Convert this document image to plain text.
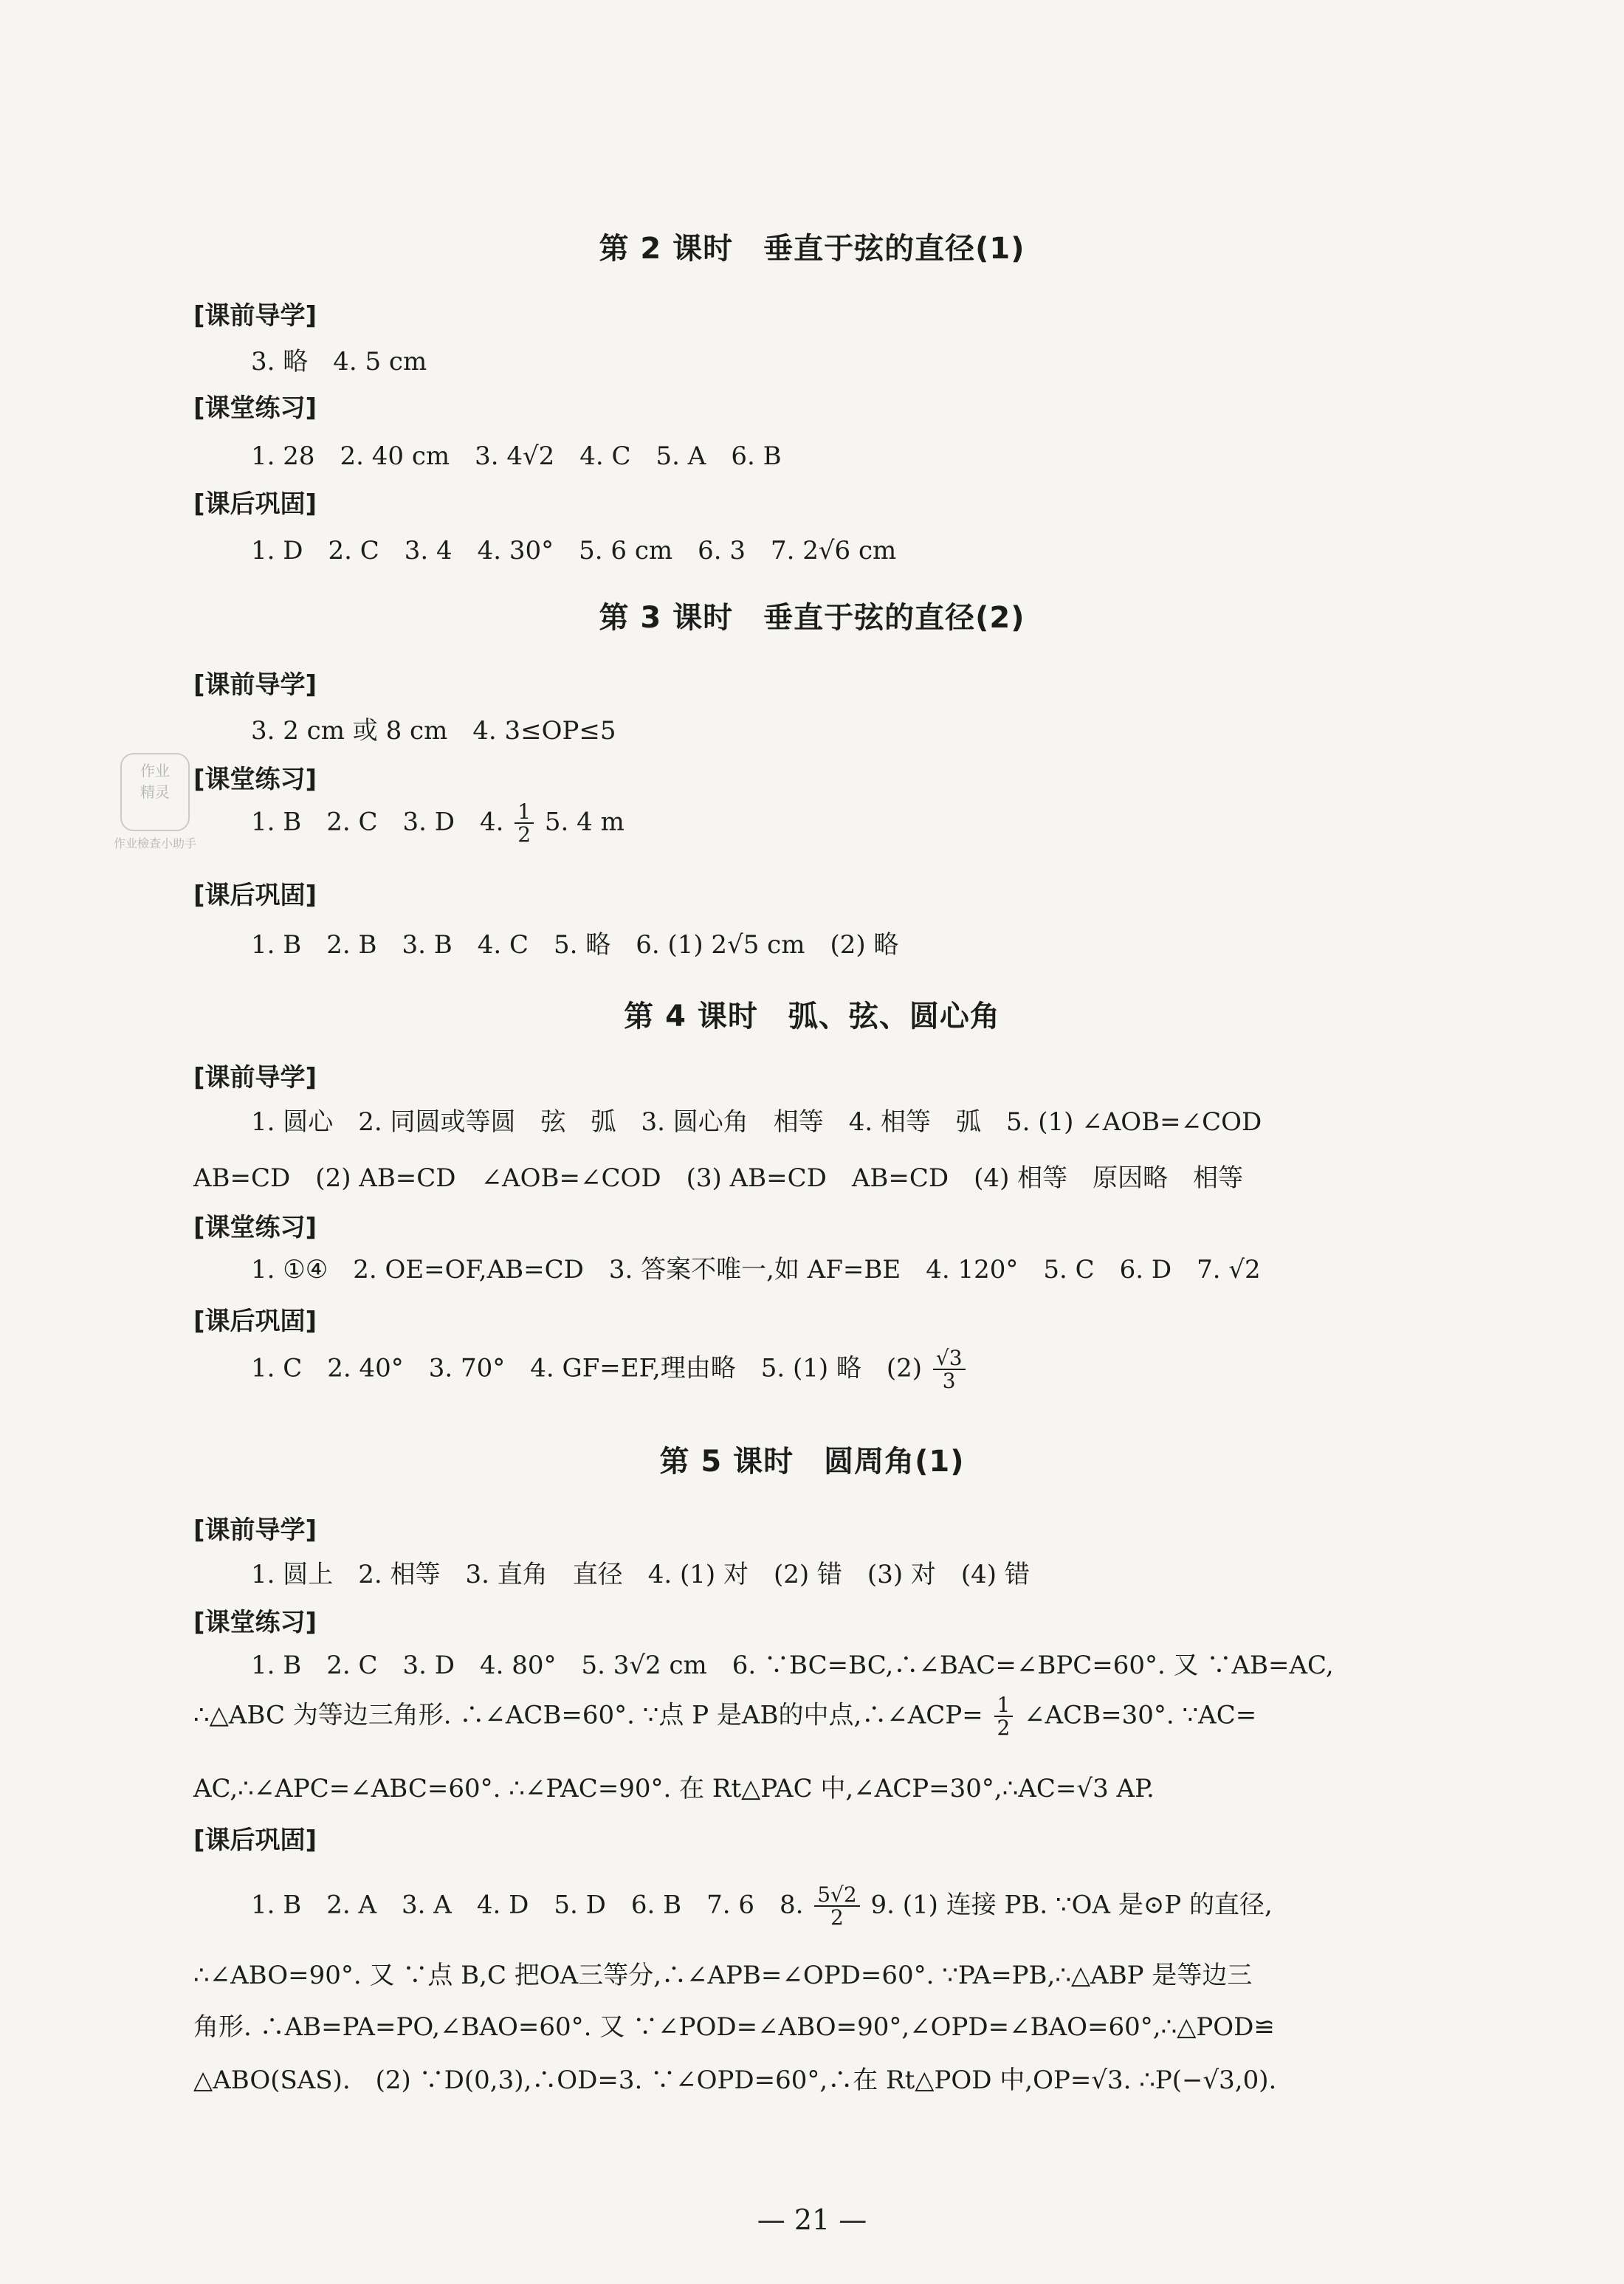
作业
精灵
作业檢查小助手
第 2 课时　垂直于弦的直径(1)
[课前导学]
3. 略　4. 5 cm
[课堂练习]
1. 28　2. 40 cm　3. 4√2　4. C　5. A　6. B
[课后巩固]
1. D　2. C　3. 4　4. 30°　5. 6 cm　6. 3　7. 2√6 cm
第 3 课时　垂直于弦的直径(2)
[课前导学]
3. 2 cm 或 8 cm　4. 3≤OP≤5
[课堂练习]
1. B　2. C　3. D　4. $\frac{1}{2} 5$. 4 m
[课后巩固]
1. B　2. B　3. B　4. C　5. 略　6. (1) 2√5 cm　(2) 略
第 4 课时　弧、弦、圆心角
[课前导学]
1. 圆心　2. 同圆或等圆　弦　弧　3. 圆心角　相等　4. 相等　弧　5. (1) ∠AOB=∠COD
AB=CD　(2) AB=CD　∠AOB=∠COD　(3) AB=CD　AB=CD　(4) 相等　原因略　相等
[课堂练习]
1. ①④　2. OE=OF,AB=CD　3. 答案不唯一,如 AF=BE　4. 120°　5. C　6. D　7. √2
[课后巩固]
1. C　2. 40°　3. 70°　4. GF=EF,理由略　5. (1) 略　$(2) \frac{√3}{3}$
第 5 课时　圆周角(1)
[课前导学]
1. 圆上　2. 相等　3. 直角　直径　4. (1) 对　(2) 错　(3) 对　(4) 错
[课堂练习]
1. B　2. C　3. D　4. 80°　5. 3√2 cm　6. ∵BC=BC,∴∠BAC=∠BPC=60°. 又 ∵AB=AC,
∴△ABC 为等边三角形. ∴∠ACB=60°. ∵点 P 是AB的中点,∴∠ACP= $\frac{1}{2}$ ∠ACB=30°. ∵AC=
AC,∴∠APC=∠ABC=60°. ∴∠PAC=90°. 在 Rt△PAC 中,∠ACP=30°,∴AC=√3 AP.
[课后巩固]
1. B　2. A　3. A　4. D　5. D　6. B　7. 6　8. $\frac{5√2}{2} 9$. (1) 连接 PB. ∵OA 是⊙P 的直径,
∴∠ABO=90°. 又 ∵点 B,C 把OA三等分,∴∠APB=∠OPD=60°. ∵PA=PB,∴△ABP 是等边三
角形. ∴AB=PA=PO,∠BAO=60°. 又 ∵∠POD=∠ABO=90°,∠OPD=∠BAO=60°,∴△POD≌
△ABO(SAS).　(2) ∵D(0,3),∴OD=3. ∵∠OPD=60°,∴在 Rt△POD 中,OP=√3. ∴P(−√3,0).
— 21 —
